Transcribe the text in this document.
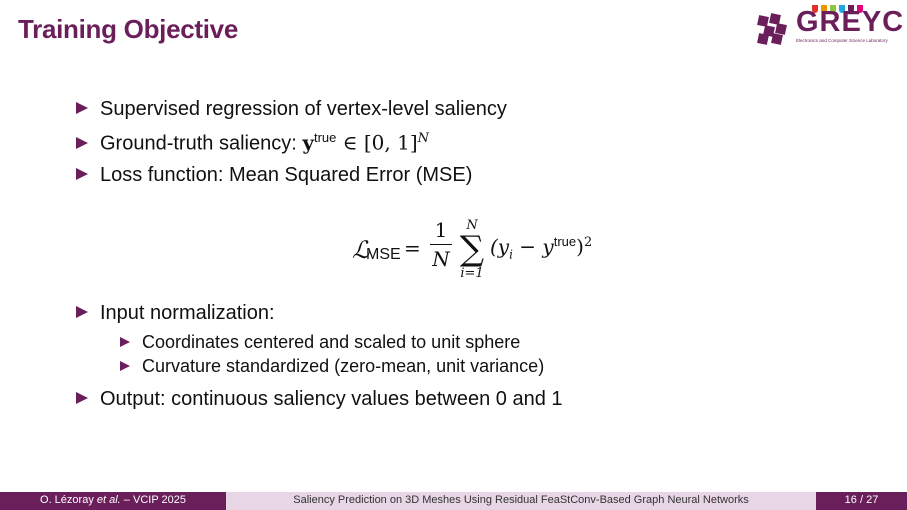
Training Objective	GREYC
Electronics and Computer Science Laboratory
Supervised regression of vertex-level saliency
Ground-truth saliency: $y^{true}$ ∈ [0, 1]$^N$
Loss function: Mean Squared Error (MSE)
Input normalization:
Coordinates centered and scaled to unit sphere
Curvature standardized (zero-mean, unit variance)
Output: continuous saliency values between 0 and 1
ℒ
MSE =
1
N
N
∑
i=1
$(y_i - y^{true})^2$
O. Lézoray et al. – VCIP 2025	Saliency Prediction on 3D Meshes Using Residual FeaStConv-Based Graph Neural Networks	16 / 27
